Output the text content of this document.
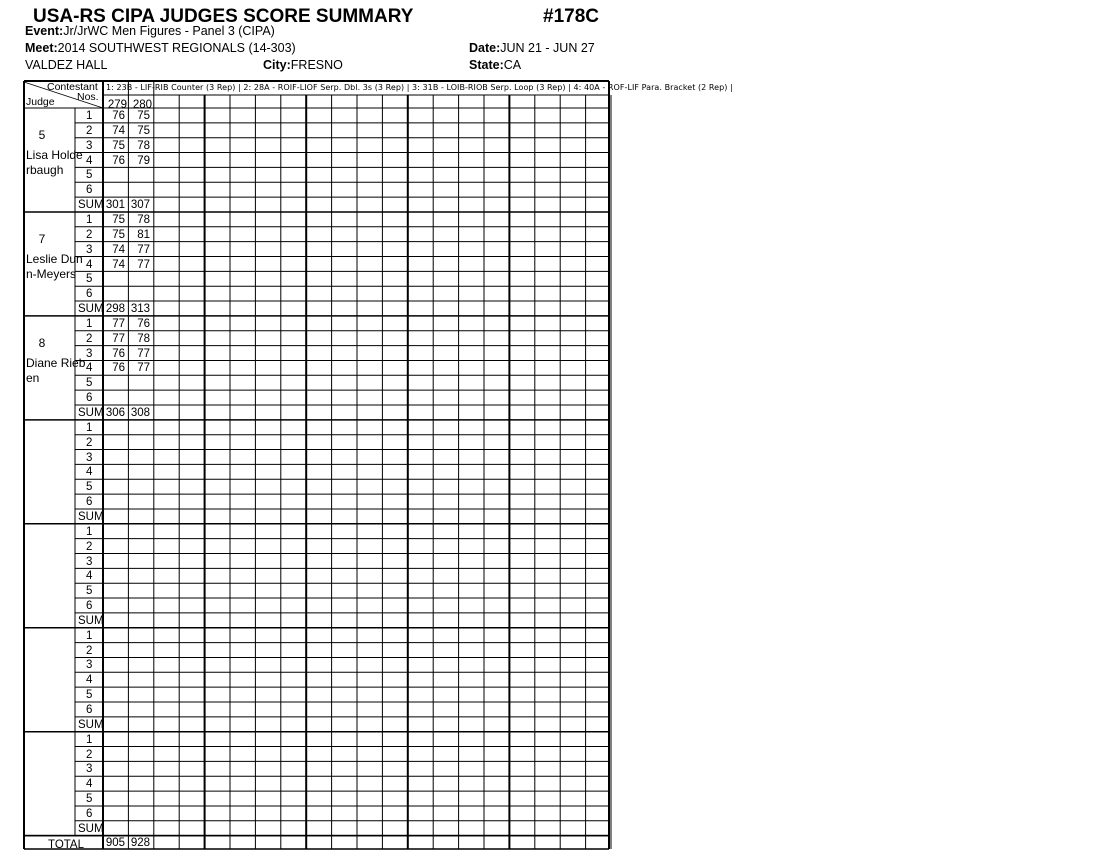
USA-RS CIPA JUDGES SCORE SUMMARY	#178C
Event:Jr/JrWC Men Figures - Panel 3 (CIPA)
Meet:2014 SOUTHWEST REGIONALS (14-303)	Date:JUN 21 - JUN 27
VALDEZ HALL	City:FRESNO	State:CA
1: 23B - LIF-RIB Counter (3 Rep) | 2: 28A - ROIF-LIOF Serp. Dbl. 3s (3 Rep) | 3: 31B - LOIB-RIOB Serp. Loop (3 Rep) | 4: 40A - ROF-LIF Para. Bracket (2 Rep) |
Contestant
Nos.
Judge	279 280
5
Lisa Holderbaugh
1	76	75
2	74	75
3	75	78
4	76	79
5
6
SUM 301 307
7
Leslie Dunn-Meyers
1	75	78
2	75	81
3	74	77
4	74	77
5
6
SUM 298 313
8
Diane Rieben
1	77	76
2	77	78
3	76	77
4	76	77
5
6
SUM 306 308
1
2
3
4
5
6
SUM
1
2
3
4
5
6
SUM
1
2
3
4
5
6
SUM
1
2
3
4
5
6
SUM
TOTAL 905 928
